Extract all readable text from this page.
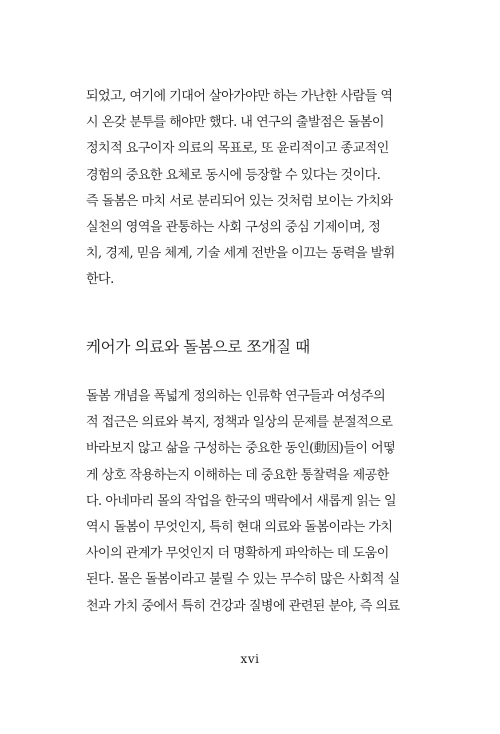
되었고, 여기에 기대어 살아가야만 하는 가난한 사람들 역
시 온갖 분투를 해야만 했다. 내 연구의 출발점은 돌봄이
정치적 요구이자 의료의 목표로, 또 윤리적이고 종교적인
경험의 중요한 요체로 동시에 등장할 수 있다는 것이다.
즉 돌봄은 마치 서로 분리되어 있는 것처럼 보이는 가치와
실천의 영역을 관통하는 사회 구성의 중심 기제이며, 정
치, 경제, 믿음 체계, 기술 세계 전반을 이끄는 동력을 발휘
한다.

케어가 의료와 돌봄으로 쪼개질 때

돌봄 개념을 폭넓게 정의하는 인류학 연구들과 여성주의
적 접근은 의료와 복지, 정책과 일상의 문제를 분절적으로
바라보지 않고 삶을 구성하는 중요한 동인(動因)들이 어떻
게 상호 작용하는지 이해하는 데 중요한 통찰력을 제공한
다. 아네마리 몰의 작업을 한국의 맥락에서 새롭게 읽는 일
역시 돌봄이 무엇인지, 특히 현대 의료와 돌봄이라는 가치
사이의 관계가 무엇인지 더 명확하게 파악하는 데 도움이
된다. 몰은 돌봄이라고 불릴 수 있는 무수히 많은 사회적 실
천과 가치 중에서 특히 건강과 질병에 관련된 분야, 즉 의료

xvi
